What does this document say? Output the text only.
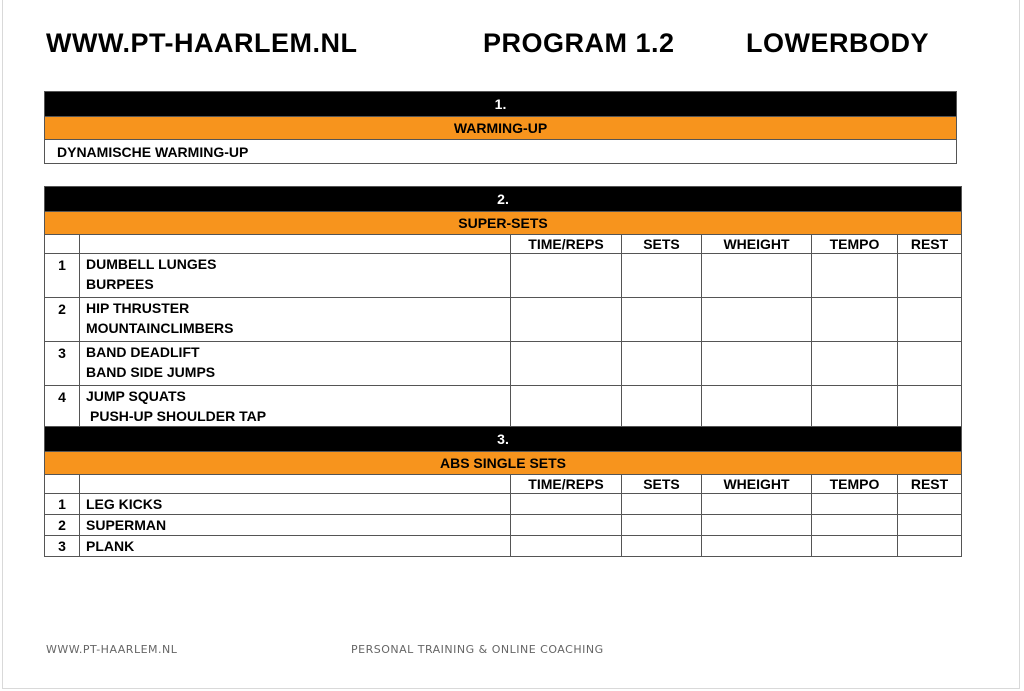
WWW.PT-HAARLEM.NL	PROGRAM 1.2	LOWERBODY
1.
WARMING-UP
DYNAMISCHE WARMING-UP
2.						
SUPER-SETS						
		TIME/REPS	SETS	WHEIGHT	TEMPO	REST
1	DUMBELL LUNGES
BURPEES					

2	HIP THRUSTER
MOUNTAINCLIMBERS					

3	BAND DEADLIFT
BAND SIDE JUMPS					

4	JUMP SQUATS
PUSH-UP SHOULDER TAP					

3.						
ABS SINGLE SETS						
		TIME/REPS	SETS	WHEIGHT	TEMPO	REST
1	LEG KICKS					
2	SUPERMAN					
3	PLANK					
WWW.PT-HAARLEM.NL	PERSONAL TRAINING & ONLINE COACHING
